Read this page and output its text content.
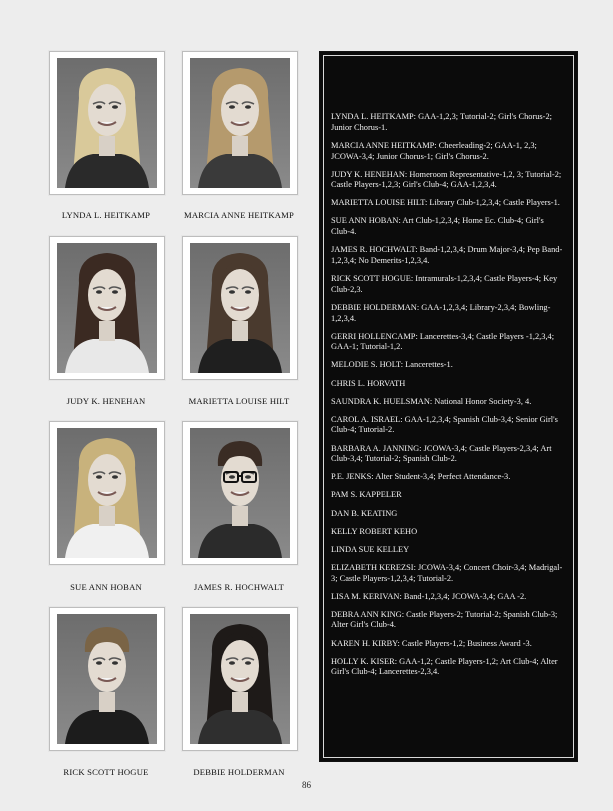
LYNDA L. HEITKAMP	MARCIA ANNE HEITKAMP
JUDY K. HENEHAN	MARIETTA LOUISE HILT
SUE ANN HOBAN	JAMES R. HOCHWALT
RICK SCOTT HOGUE	DEBBIE HOLDERMAN
LYNDA L. HEITKAMP: GAA-1,2,3; Tutorial-2; Girl's Chorus-2; Junior Chorus-1.
MARCIA ANNE HEITKAMP: Cheerleading-2; GAA-1, 2,3; JCOWA-3,4; Junior Chorus-1; Girl's Chorus-2.
JUDY K. HENEHAN: Homeroom Representative-1,2, 3; Tutorial-2; Castle Players-1,2,3; Girl's Club-4; GAA-1,2,3,4.
MARIETTA LOUISE HILT: Library Club-1,2,3,4; Castle Players-1.
SUE ANN HOBAN: Art Club-1,2,3,4; Home Ec. Club-4; Girl's Club-4.
JAMES R. HOCHWALT: Band-1,2,3,4; Drum Major-3,4; Pep Band-1,2,3,4; No Demerits-1,2,3,4.
RICK SCOTT HOGUE: Intramurals-1,2,3,4; Castle Players-4; Key Club-2,3.
DEBBIE HOLDERMAN: GAA-1,2,3,4; Library-2,3,4; Bowling-1,2,3,4.
GERRI HOLLENCAMP: Lancerettes-3,4; Castle Players -1,2,3,4; GAA-1; Tutorial-1,2.
MELODIE S. HOLT: Lancerettes-1.
CHRIS L. HORVATH
SAUNDRA K. HUELSMAN: National Honor Society-3, 4.
CAROL A. ISRAEL: GAA-1,2,3,4; Spanish Club-3,4; Senior Girl's Club-4; Tutorial-2.
BARBARA A. JANNING: JCOWA-3,4; Castle Players-2,3,4; Art Club-3,4; Tutorial-2; Spanish Club-2.
P.E. JENKS: Alter Student-3,4; Perfect Attendance-3.
PAM S. KAPPELER
DAN B. KEATING
KELLY ROBERT KEHO
LINDA SUE KELLEY
ELIZABETH KEREZSI: JCOWA-3,4; Concert Choir-3,4; Madrigal-3; Castle Players-1,2,3,4; Tutorial-2.
LISA M. KERIVAN: Band-1,2,3,4; JCOWA-3,4; GAA -2.
DEBRA ANN KING: Castle Players-2; Tutorial-2; Spanish Club-3; Alter Girl's Club-4.
KAREN H. KIRBY: Castle Players-1,2; Business Award -3.
HOLLY K. KISER: GAA-1,2; Castle Players-1,2; Art Club-4; Alter Girl's Club-4; Lancerettes-2,3,4.
86
